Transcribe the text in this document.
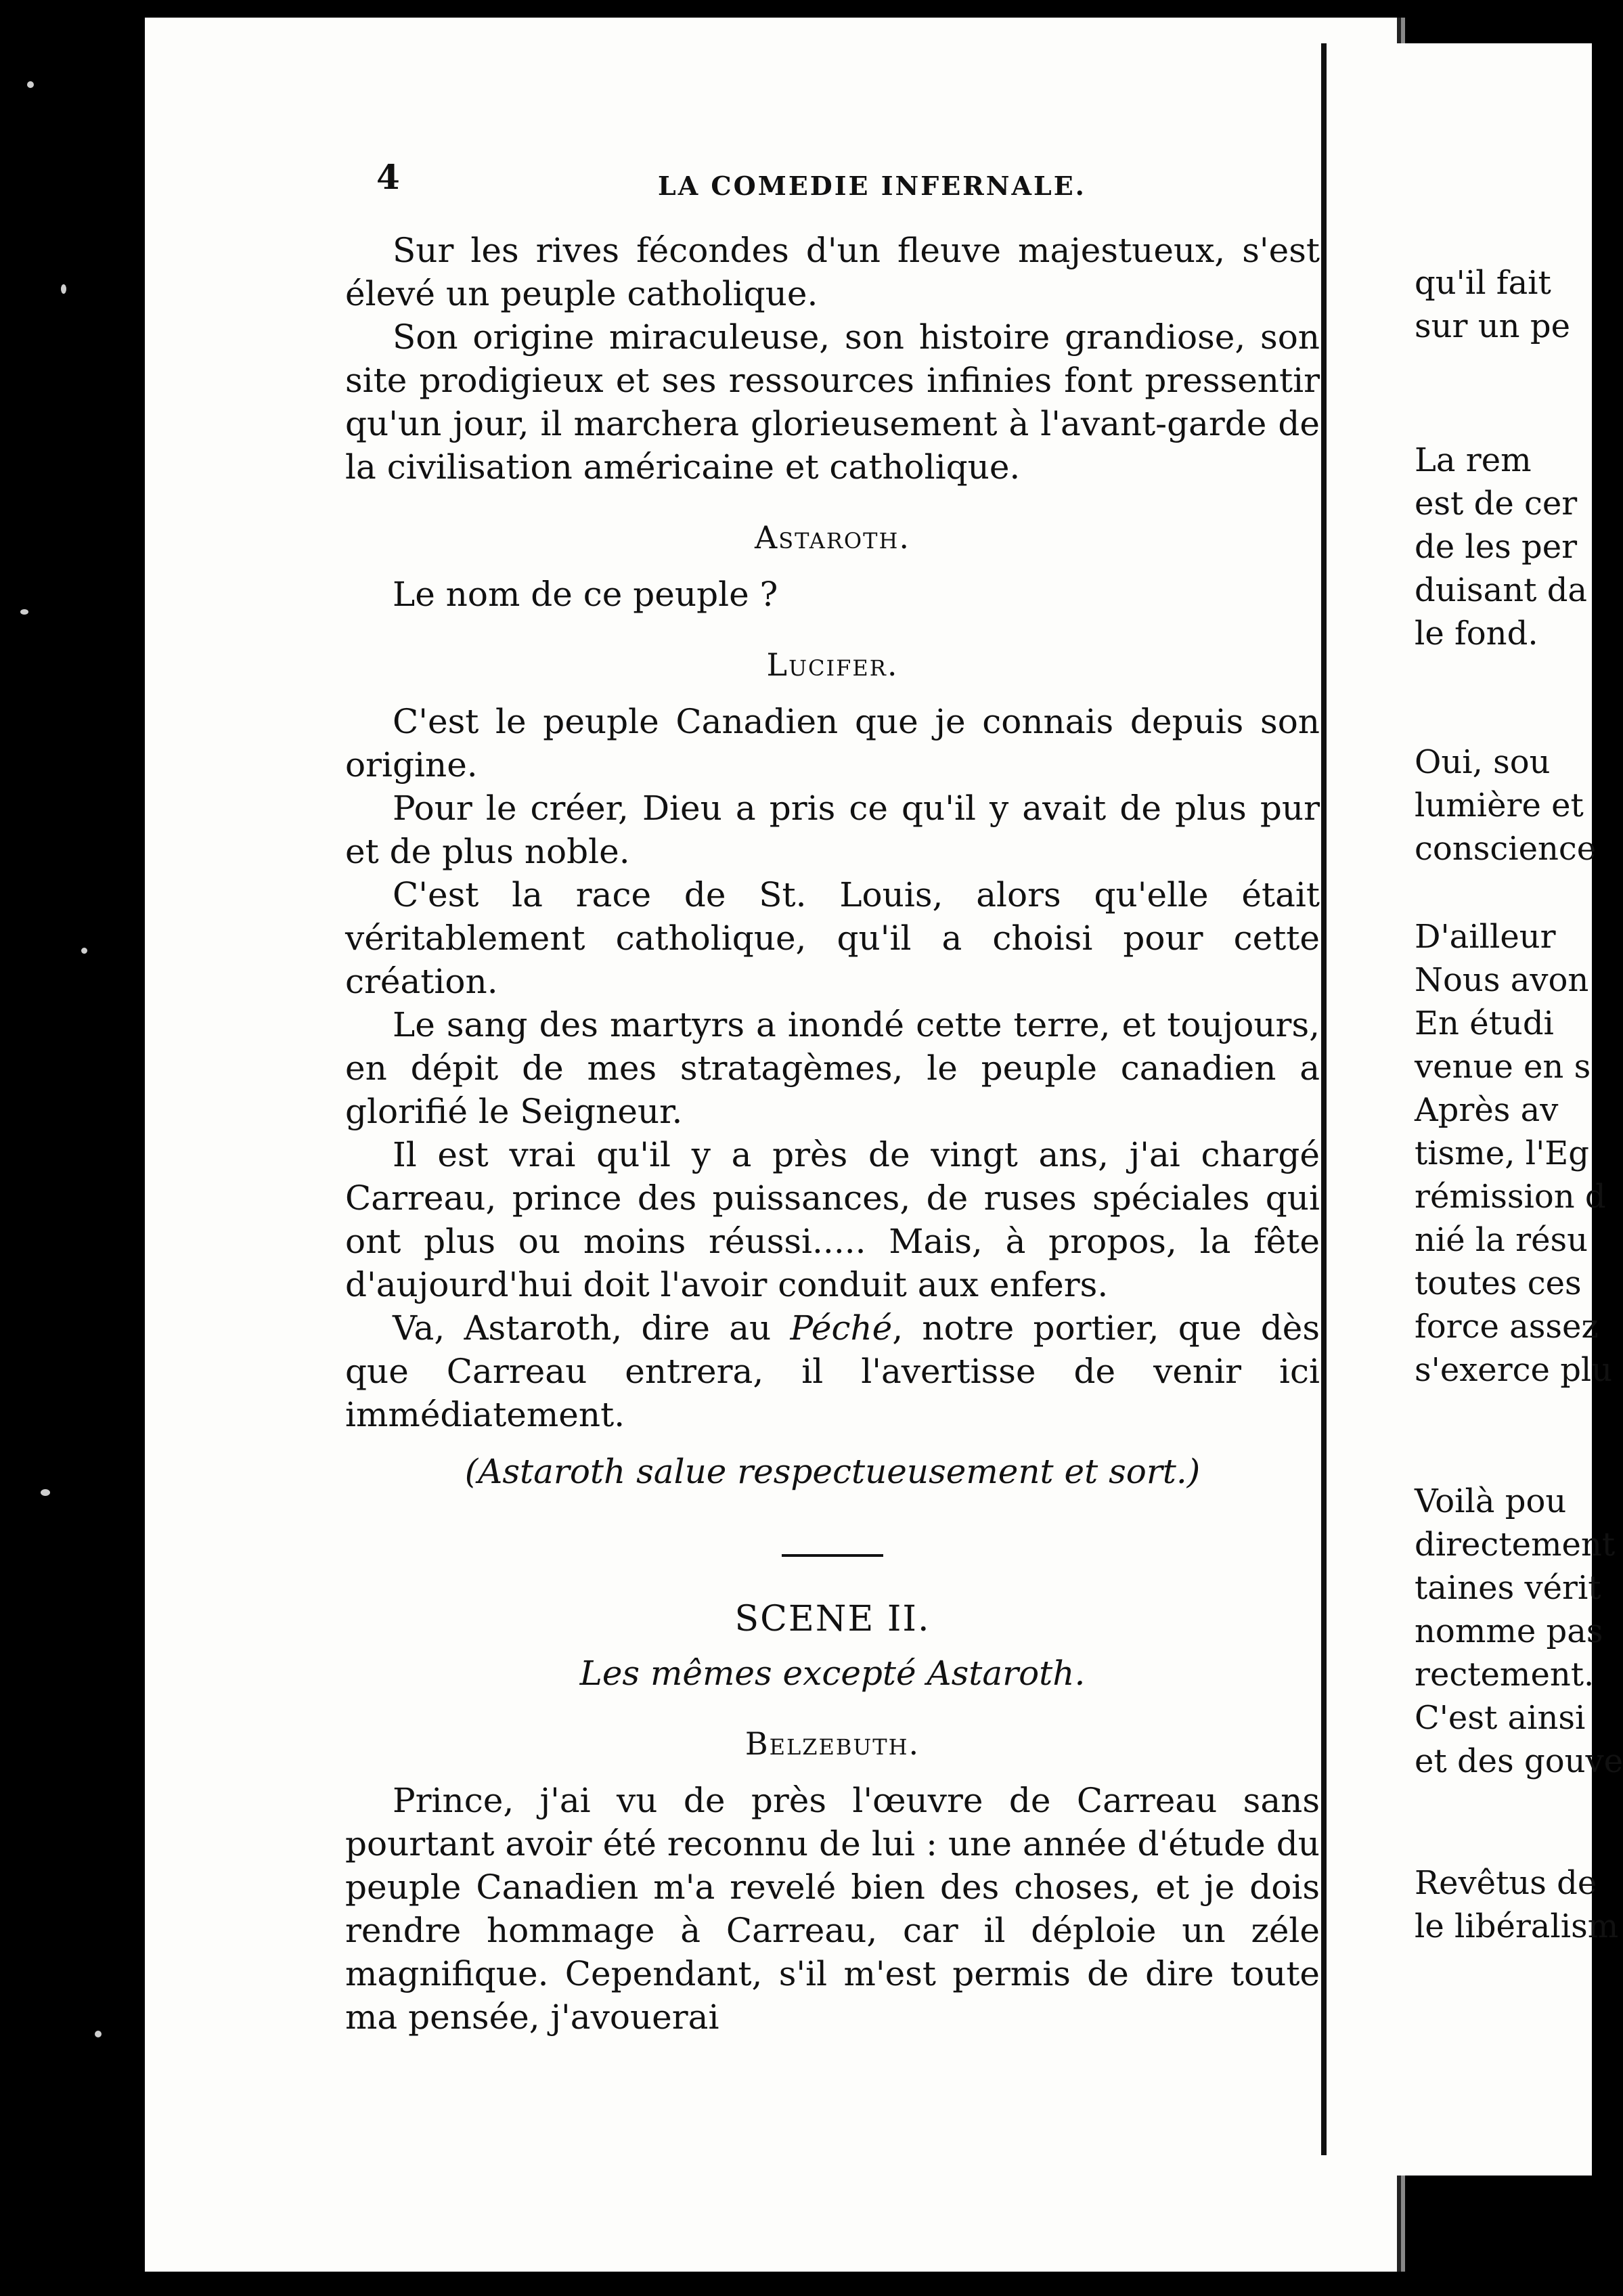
4	LA COMEDIE INFERNALE.

Sur les rives fécondes d'un fleuve majestueux, s'est élevé un peuple catholique.

Son origine miraculeuse, son histoire grandiose, son site prodigieux et ses ressources infinies font pressentir qu'un jour, il marchera glorieusement à l'avant-garde de la civilisation américaine et catholique.

Astaroth.

Le nom de ce peuple ?

Lucifer.

C'est le peuple Canadien que je connais depuis son origine.

Pour le créer, Dieu a pris ce qu'il y avait de plus pur et de plus noble.

C'est la race de St. Louis, alors qu'elle était véritablement catholique, qu'il a choisi pour cette création.

Le sang des martyrs a inondé cette terre, et toujours, en dépit de mes stratagèmes, le peuple canadien a glorifié le Seigneur.

Il est vrai qu'il y a près de vingt ans, j'ai chargé Carreau, prince des puissances, de ruses spéciales qui ont plus ou moins réussi..... Mais, à propos, la fête d'aujourd'hui doit l'avoir conduit aux enfers.

Va, Astaroth, dire au Péché, notre portier, que dès que Carreau entrera, il l'avertisse de venir ici immédiatement.

(Astaroth salue respectueusement et sort.)
SCENE II.
Les mêmes excepté Astaroth.
Belzebuth.

Prince, j'ai vu de près l'œuvre de Carreau sans pourtant avoir été reconnu de lui : une année d'étude du peuple Canadien m'a revelé bien des choses, et je dois rendre hommage à Carreau, car il déploie un zéle magnifique. Cependant, s'il m'est permis de dire toute ma pensée, j'avouerai

qu'il fait
sur un pe
La rem
est de cer
de les per
duisant da
le fond.
Oui, sou
lumière et
conscience
D'ailleur
Nous avon
En étudi
venue en s
Après av
tisme, l'Eg
rémission d
nié la résu
toutes ces
force assez
s'exerce plu
Voilà pou
directement
taines vérit
nomme pas
rectement.
C'est ainsi
et des gouve
Revêtus de
le libéralism
